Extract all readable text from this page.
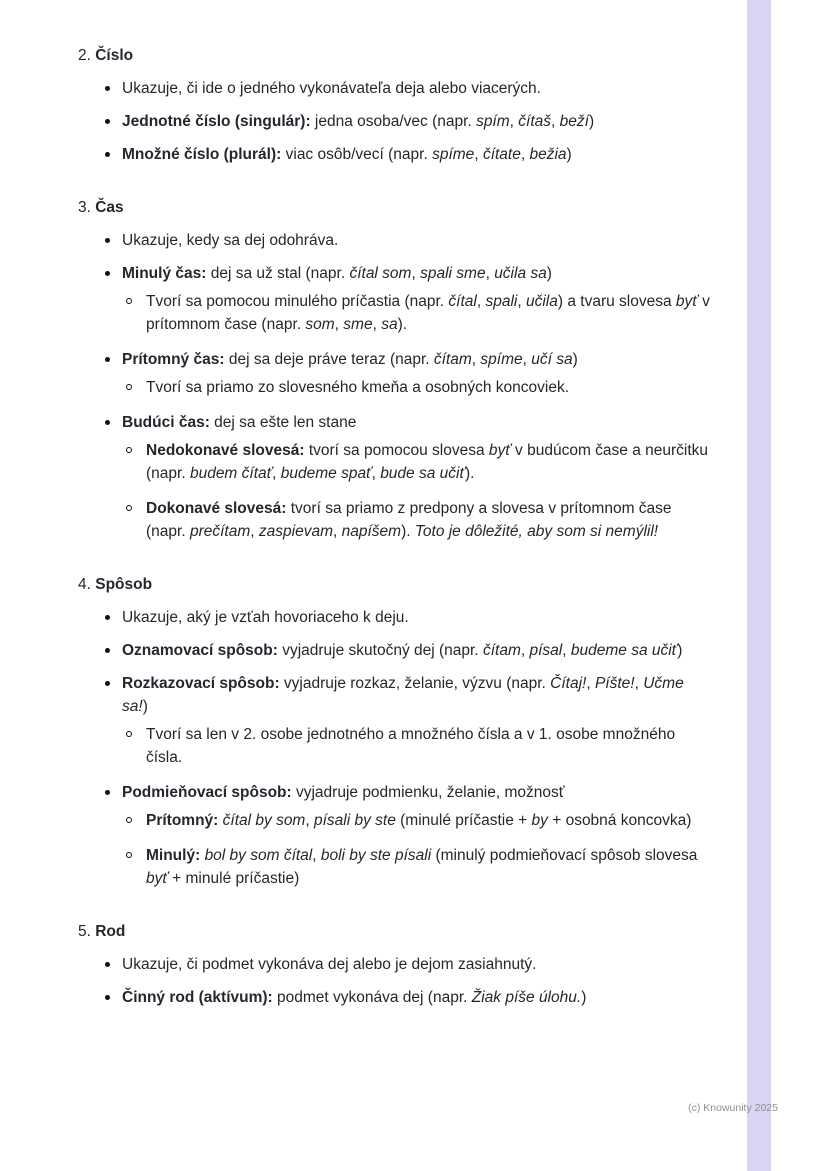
2. Číslo
Ukazuje, či ide o jedného vykonávateľa deja alebo viacerých.
Jednotné číslo (singulár): jedna osoba/vec (napr. spím, čítaš, beží)
Množné číslo (plurál): viac osôb/vecí (napr. spíme, čítate, bežia)
3. Čas
Ukazuje, kedy sa dej odohráva.
Minulý čas: dej sa už stal (napr. čítal som, spali sme, učila sa)
Tvorí sa pomocou minulého príčastia (napr. čítal, spali, učila) a tvaru slovesa byť v prítomnom čase (napr. som, sme, sa).
Prítomný čas: dej sa deje práve teraz (napr. čítam, spíme, učí sa)
Tvorí sa priamo zo slovesného kmeňa a osobných koncoviek.
Budúci čas: dej sa ešte len stane
Nedokonavé slovesá: tvorí sa pomocou slovesa byť v budúcom čase a neurčitku (napr. budem čítať, budeme spať, bude sa učiť).
Dokonavé slovesá: tvorí sa priamo z predpony a slovesa v prítomnom čase (napr. prečítam, zaspievam, napíšem). Toto je dôležité, aby som si nemýlil!
4. Spôsob
Ukazuje, aký je vzťah hovoriaceho k deju.
Oznamovací spôsob: vyjadruje skutočný dej (napr. čítam, písal, budeme sa učiť)
Rozkazovací spôsob: vyjadruje rozkaz, želanie, výzvu (napr. Čítaj!, Píšte!, Učme sa!)
Tvorí sa len v 2. osobe jednotného a množného čísla a v 1. osobe množného čísla.
Podmieňovací spôsob: vyjadruje podmienku, želanie, možnosť
Prítomný: čítal by som, písali by ste (minulé príčastie + by + osobná koncovka)
Minulý: bol by som čítal, boli by ste písali (minulý podmieňovací spôsob slovesa byť + minulé príčastie)
5. Rod
Ukazuje, či podmet vykonáva dej alebo je dejom zasiahnutý.
Činný rod (aktívum): podmet vykonáva dej (napr. Žiak píše úlohu.)
(c) Knowunity 2025
